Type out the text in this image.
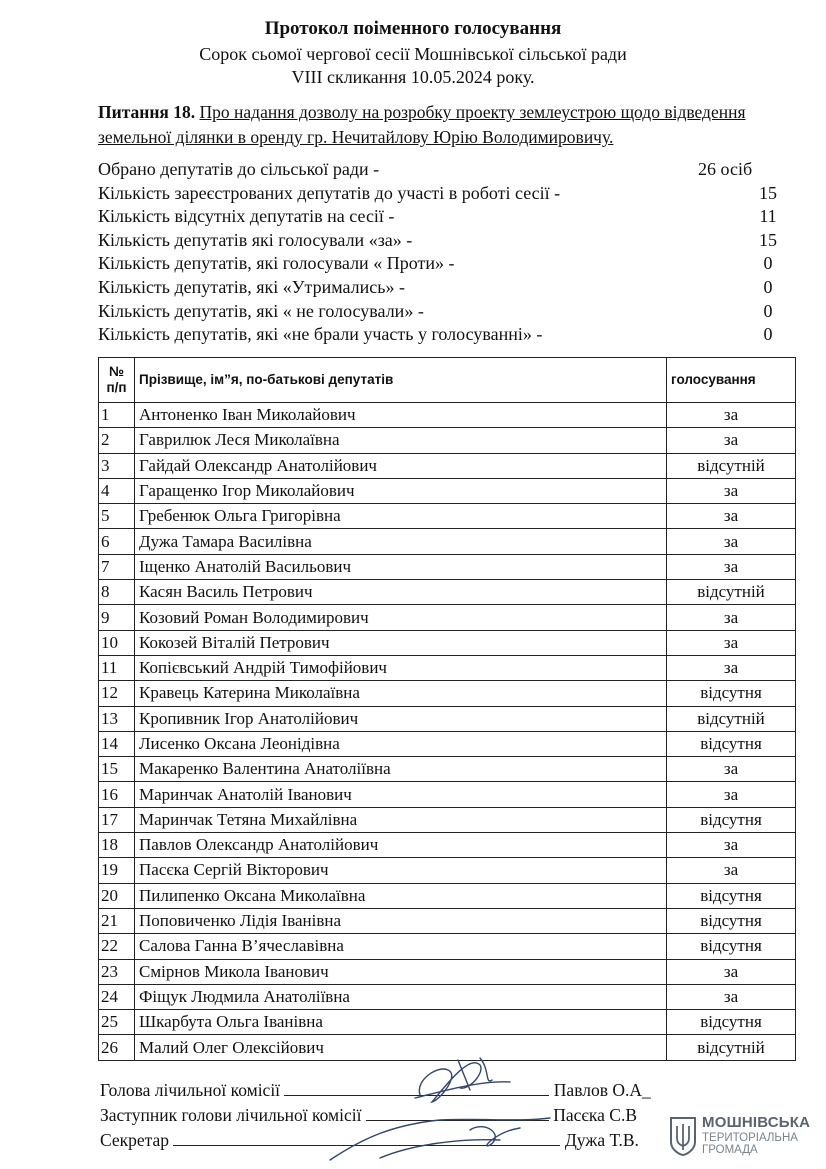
Протокол поіменного голосування
Сорок сьомої чергової сесії Мошнівської сільської ради
VIII скликання 10.05.2024 року.
Питання 18. Про надання дозволу на розробку проекту землеустрою щодо відведення
земельної ділянки в оренду гр. Нечитайлову Юрію Володимировичу.
Обрано депутатів до сільської ради -	26 осіб
Кількість зареєстрованих депутатів до участі в роботі сесії -	15
Кількість відсутніх депутатів на сесії -	11
Кількість депутатів які голосували «за» -	15
Кількість депутатів, які голосували « Проти» -	0
Кількість депутатів, які «Утримались» -	0
Кількість депутатів, які « не голосували» -	0
Кількість депутатів, які «не брали участь у голосуванні» -	0
№
п/п	Прізвище, ім”я, по-батькові депутатів	голосування
1	Антоненко Іван Миколайович	за
2	Гаврилюк Леся Миколаївна	за
3	Гайдай Олександр Анатолійович	відсутній
4	Гаращенко Ігор Миколайович	за
5	Гребенюк Ольга Григорівна	за
6	Дужа Тамара Василівна	за
7	Іщенко Анатолій Васильович	за
8	Касян Василь Петрович	відсутній
9	Козовий Роман Володимирович	за
10	Кокозей Віталій Петрович	за
11	Копієвський Андрій Тимофійович	за
12	Кравець Катерина Миколаївна	відсутня
13	Кропивник Ігор Анатолійович	відсутній
14	Лисенко Оксана Леонідівна	відсутня
15	Макаренко Валентина Анатоліївна	за
16	Маринчак Анатолій Іванович	за
17	Маринчак Тетяна Михайлівна	відсутня
18	Павлов Олександр Анатолійович	за
19	Пасєка Сергій Вікторович	за
20	Пилипенко Оксана Миколаївна	відсутня
21	Поповиченко Лідія Іванівна	відсутня
22	Салова Ганна В’ячеславівна	відсутня
23	Смірнов Микола Іванович	за
24	Фіщук Людмила Анатоліївна	за
25	Шкарбута Ольга Іванівна	відсутня
26	Малий Олег Олексійович	відсутній
Голова лічильної комісії	Павлов О.А_
Заступник голови лічильної комісії	Пасєка С.В
Секретар	Дужа Т.В.
МОШНІВСЬКА
ТЕРИТОРІАЛЬНА
ГРОМАДА
